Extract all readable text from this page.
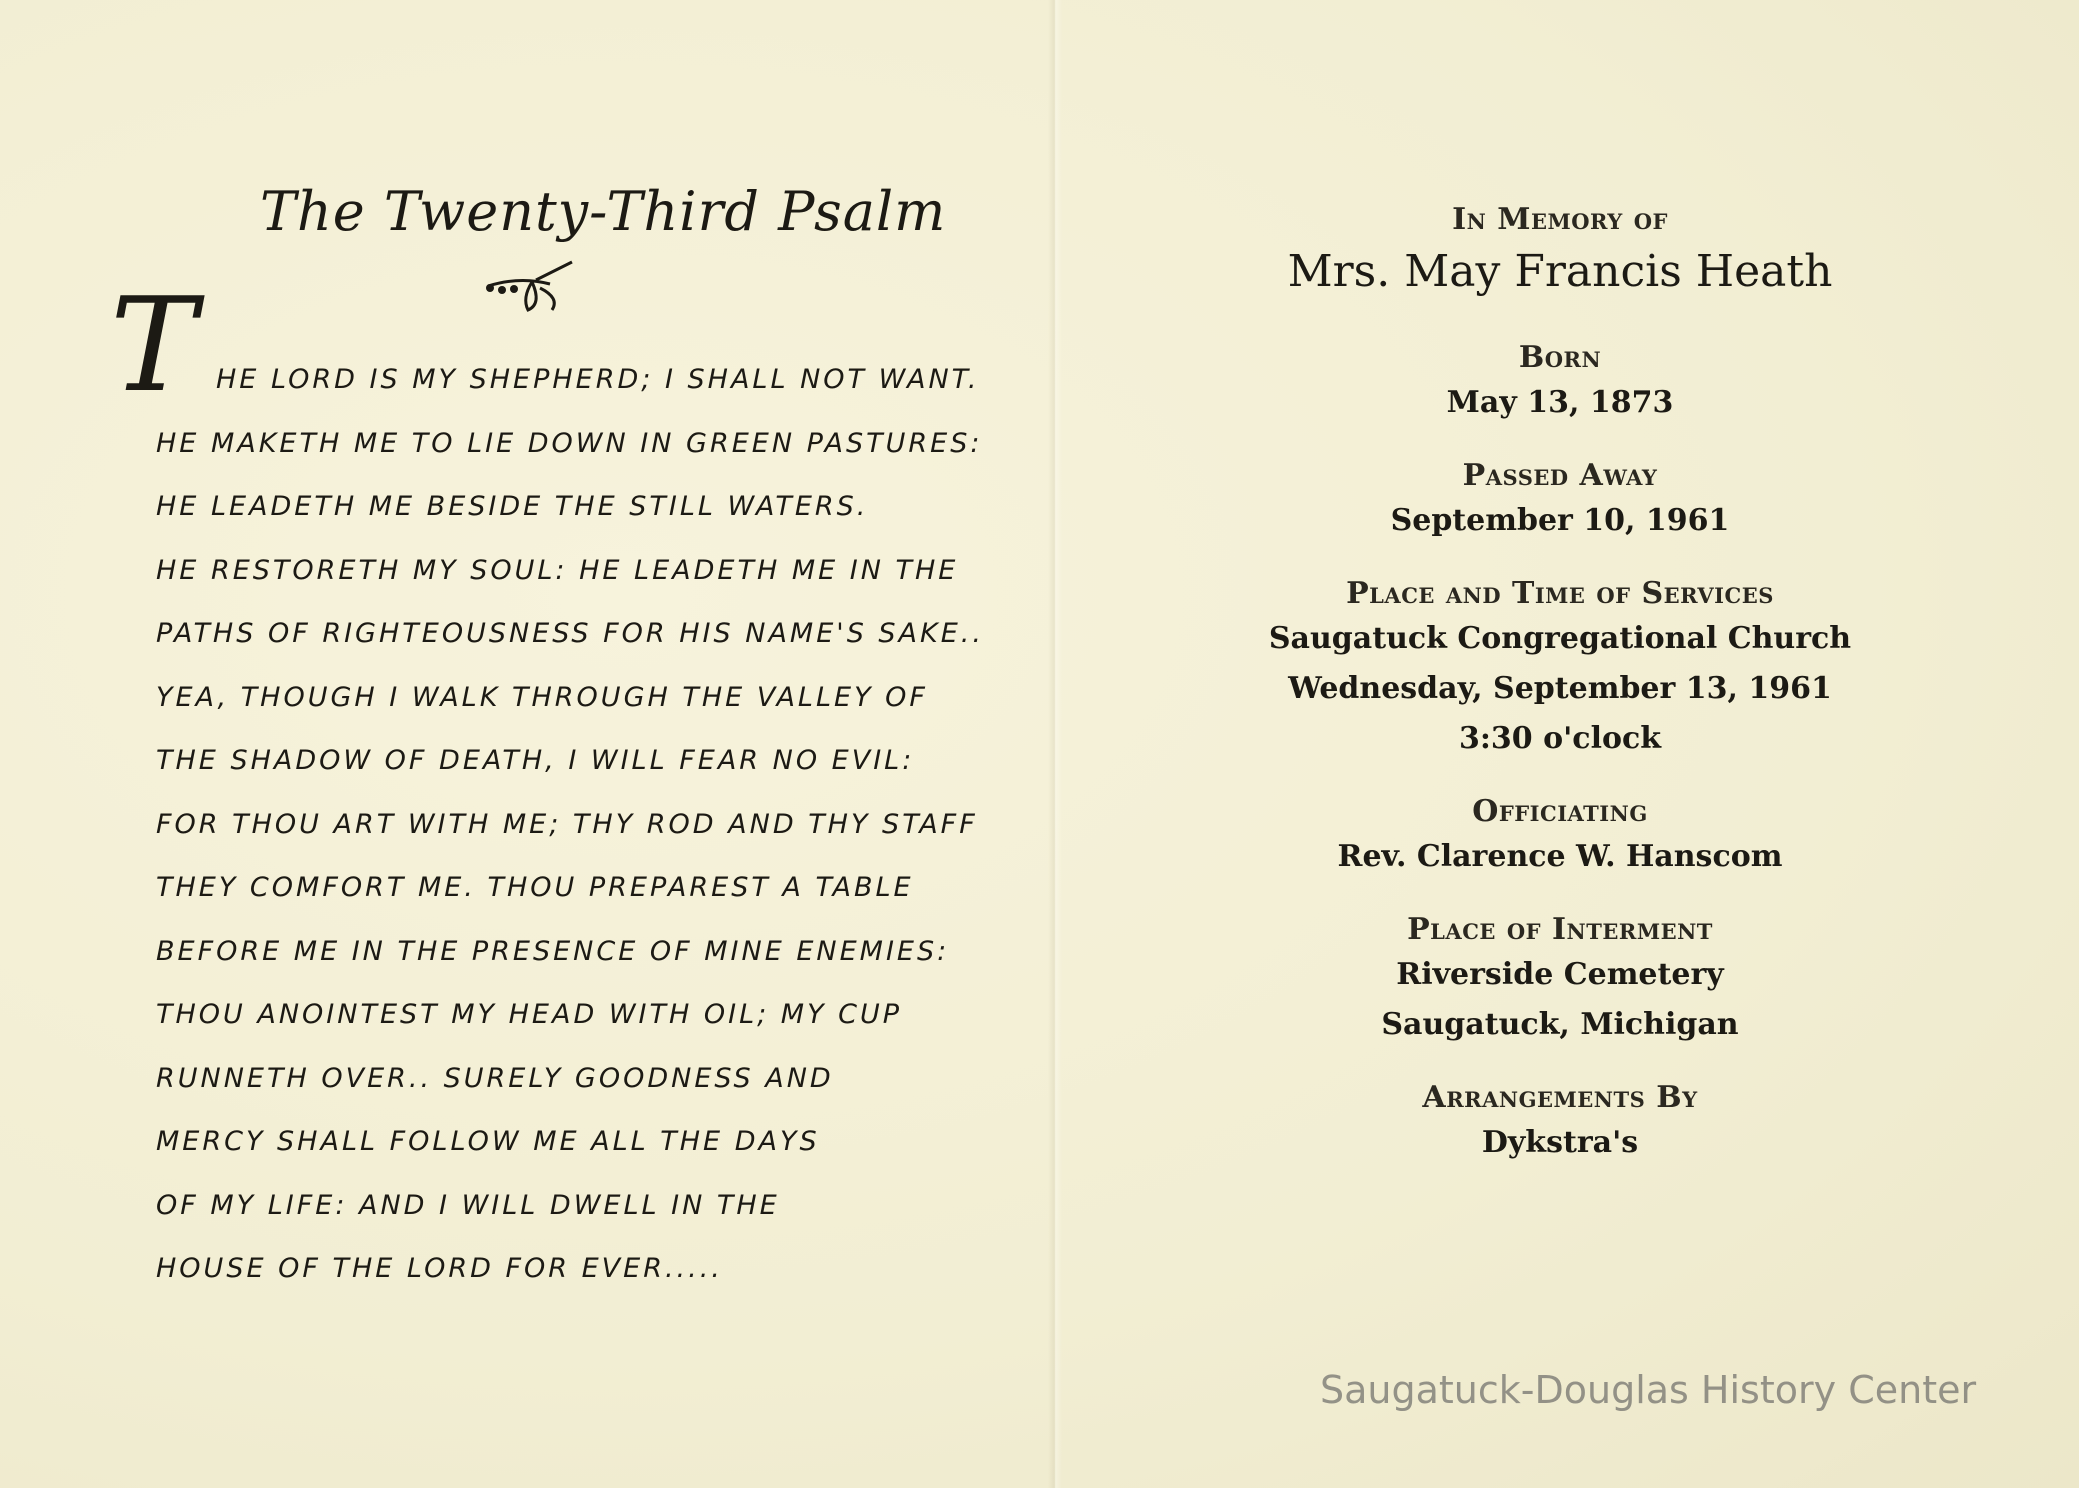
The Twenty-Third Psalm
T HE LORD IS MY SHEPHERD; I SHALL NOT WANT.
HE MAKETH ME TO LIE DOWN IN GREEN PASTURES:
HE LEADETH ME BESIDE THE STILL WATERS.
HE RESTORETH MY SOUL: HE LEADETH ME IN THE
PATHS OF RIGHTEOUSNESS FOR HIS NAME'S SAKE..
YEA, THOUGH I WALK THROUGH THE VALLEY OF
THE SHADOW OF DEATH, I WILL FEAR NO EVIL:
FOR THOU ART WITH ME; THY ROD AND THY STAFF
THEY COMFORT ME. THOU PREPAREST A TABLE
BEFORE ME IN THE PRESENCE OF MINE ENEMIES:
THOU ANOINTEST MY HEAD WITH OIL; MY CUP
RUNNETH OVER.. SURELY GOODNESS AND
MERCY SHALL FOLLOW ME ALL THE DAYS
OF MY LIFE: AND I WILL DWELL IN THE
HOUSE OF THE LORD FOR EVER.....
In Memory of
Mrs. May Francis Heath
Born
May 13, 1873
Passed Away
September 10, 1961
Place and Time of Services
Saugatuck Congregational Church
Wednesday, September 13, 1961
3:30 o'clock
Officiating
Rev. Clarence W. Hanscom
Place of Interment
Riverside Cemetery
Saugatuck, Michigan
Arrangements By
Dykstra's
Saugatuck-Douglas History Center
